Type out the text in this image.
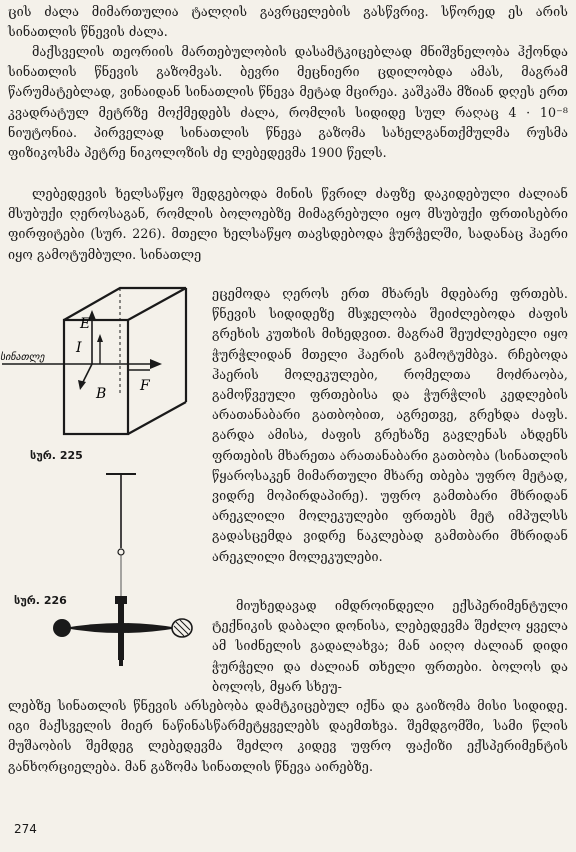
ცის ძალა მიმართულია ტალღის გავრცელების გასწვრივ. სწორედ ეს არის სინათლის წნევის ძალა.

მაქსველის თეორიის მართებულობის დასამტკიცებლად მნიშვნელობა ჰქონდა სინათლის წნევის გაზომვას. ბევრი მეცნიერი ცდილობდა ამას, მაგრამ წარუმატებლად, ვინაიდან სინათლის წნევა მეტად მცირეა. კაშკაშა მზიან დღეს ერთ კვადრატულ მეტრზე მოქმედებს ძალა, რომლის სიდიდე სულ რაღაც 4 · 10⁻⁸ ნიუტონია. პირველად სინათლის წნევა გაზომა სახელგანთქმულმა რუსმა ფიზიკოსმა პეტრე ნიკოლოზის ძე ლებედევმა 1900 წელს.

ლებედევის ხელსაწყო შედგებოდა მინის წვრილ ძაფზე დაკიდებული ძალიან მსუბუქი ღეროსაგან, რომლის ბოლოებზე მიმაგრებული იყო მსუბუქი ფრთისებრი ფირფიტები (სურ. 226). მთელი ხელსაწყო თავსდებოდა ჭურჭელში, სადანაც ჰაერი იყო გამოტუმბული. სინათლე

ეცემოდა ღეროს ერთ მხარეს მდებარე ფრთებს. წნევის სიდიდეზე მსჯელობა შეიძლებოდა ძაფის გრეხის კუთხის მიხედვით. მაგრამ შეუძლებელი იყო ჭურჭლიდან მთელი ჰაერის გამოტუმბვა. რჩებოდა ჰაერის მოლეკულები, რომელთა მოძრაობა, გამოწვეული ფრთებისა და ჭურჭლის კედლების არათანაბარი გათბობით, აგრეთვე, გრეხდა ძაფს. გარდა ამისა, ძაფის გრეხაზე გავლენას ახდენს ფრთების მხარეთა არათანაბარი გათბობა (სინათლის წყაროსაკენ მიმართული მხარე თბება უფრო მეტად, ვიდრე მოპირდაპირე). უფრო გამთბარი მხრიდან არეკლილი მოლეკულები ფრთებს მეტ იმპულსს გადასცემდა ვიდრე ნაკლებად გამთბარი მხრიდან არეკლილი მოლეკულები.

მიუხედავად იმდროინდელი ექსპერიმენტული ტექნიკის დაბალი დონისა, ლებედევმა შეძლო ყველა ამ სიძნელის გადალახვა; მან აიღო ძალიან დიდი ჭურჭელი და ძალიან თხელი ფრთები. ბოლოს და ბოლოს, მყარ სხეუ-

ლებზე სინათლის წნევის არსებობა დამტკიცებულ იქნა და გაიზომა მისი სიდიდე. იგი მაქსველის მიერ ნაწინასწარმეტყველებს დაემთხვა. შემდგომში, სამი წლის მუშაობის შემდეგ ლებედევმა შეძლო კიდევ უფრო ფაქიზი ექსპერიმენტის განხორციელება. მან გაზომა სინათლის წნევა აირებზე.

სინათლე
E
I
B F
სურ. 225
სურ. 226
274
